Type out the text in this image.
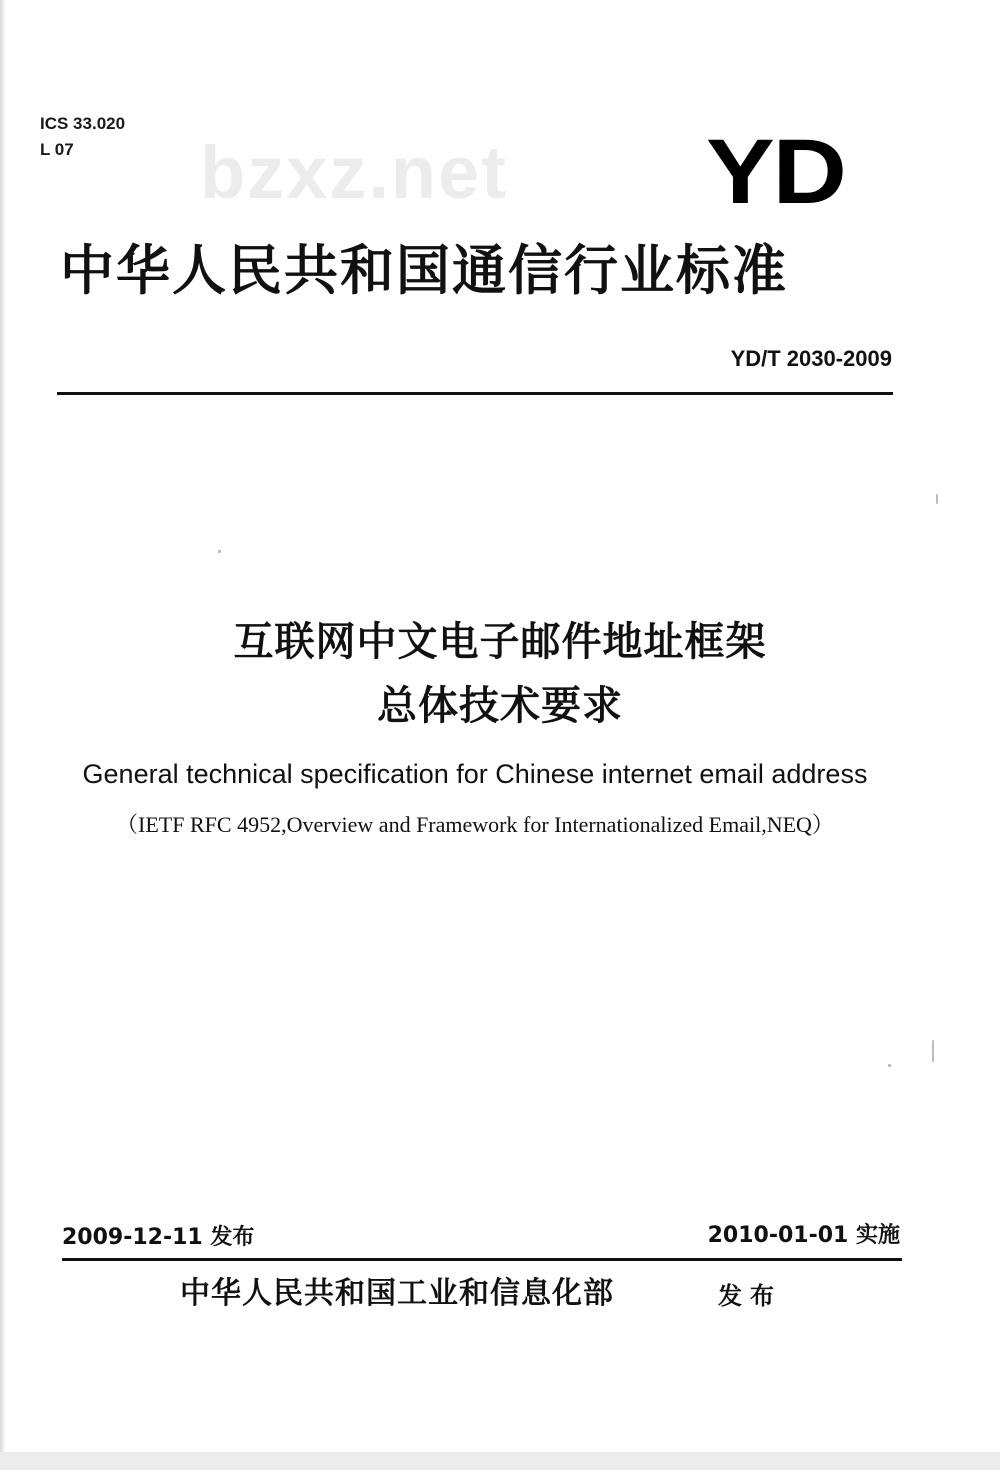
ICS 33.020
L 07	bzxz.net YD
中华人民共和国通信行业标准
YD/T 2030-2009
互联网中文电子邮件地址框架
总体技术要求
General technical specification for Chinese internet email address
（IETF RFC 4952,Overview and Framework for Internationalized Email,NEQ）
2009-12-11 发布	2010-01-01 实施
中华人民共和国工业和信息化部	发布
